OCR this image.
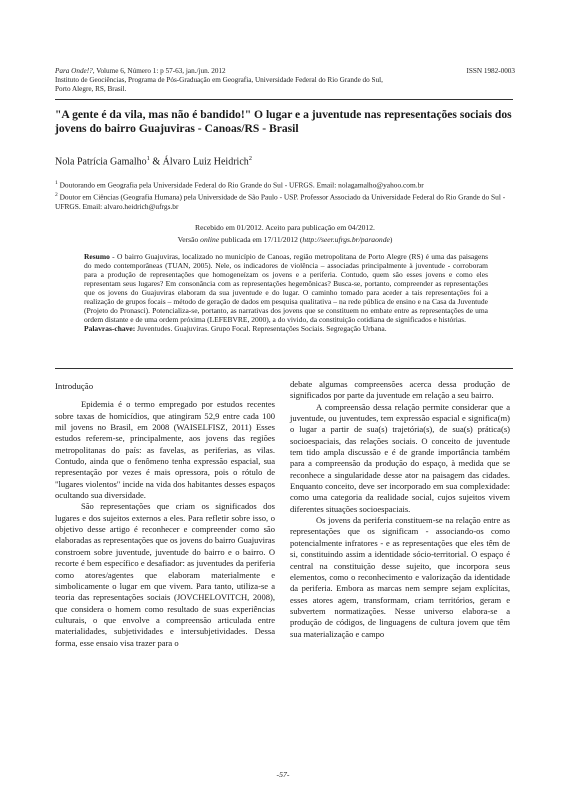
Para Onde!?, Volume 6, Número 1: p 57-63, jan./jun. 2012	ISSN 1982-0003
Instituto de Geociências, Programa de Pós-Graduação em Geografia, Universidade Federal do Rio Grande do Sul,
Porto Alegre, RS, Brasil.
"A gente é da vila, mas não é bandido!" O lugar e a juventude nas representações sociais dos jovens do bairro Guajuviras - Canoas/RS - Brasil
Nola Patrícia Gamalho$^1$ & Álvaro Luiz Heidrich$^2$

$^1$ Doutorando em Geografia pela Universidade Federal do Rio Grande do Sul - UFRGS. Email: nolagamalho@yahoo.com.br

$^2$ Doutor em Ciências (Geografia Humana) pela Universidade de São Paulo - USP. Professor Associado da Universidade Federal do Rio Grande do Sul - UFRGS. Email: alvaro.heidrich@ufrgs.br

Recebido em 01/2012. Aceito para publicação em 04/2012.
Versão online publicada em 17/11/2012 (http://seer.ufrgs.br/paraonde)

Resumo - O bairro Guajuviras, localizado no município de Canoas, região metropolitana de Porto Alegre (RS) é uma das paisagens do medo contemporâneas (TUAN, 2005). Nele, os indicadores de violência – associadas principalmente à juventude - corroboram para a produção de representações que homogeneízam os jovens e a periferia. Contudo, quem são esses jovens e como eles representam seus lugares? Em consonância com as representações hegemônicas? Busca-se, portanto, compreender as representações que os jovens do Guajuviras elaboram da sua juventude e do lugar. O caminho tomado para aceder a tais representações foi a realização de grupos focais – método de geração de dados em pesquisa qualitativa – na rede pública de ensino e na Casa da Juventude (Projeto do Pronasci). Potencializa-se, portanto, as narrativas dos jovens que se constituem no embate entre as representações de uma ordem distante e de uma ordem próxima (LEFEBVRE, 2000), a do vivido, da constituição cotidiana de significados e histórias.

Palavras-chave: Juventudes. Guajuviras. Grupo Focal. Representações Sociais. Segregação Urbana.

Introdução

Epidemia é o termo empregado por estudos recentes sobre taxas de homicídios, que atingiram 52,9 entre cada 100 mil jovens no Brasil, em 2008 (WAISELFISZ, 2011) Esses estudos referem-se, principalmente, aos jovens das regiões metropolitanas do país: as favelas, as periferias, as vilas. Contudo, ainda que o fenômeno tenha expressão espacial, sua representação por vezes é mais opressora, pois o rótulo de "lugares violentos" incide na vida dos habitantes desses espaços ocultando sua diversidade.

São representações que criam os significados dos lugares e dos sujeitos externos a eles. Para refletir sobre isso, o objetivo desse artigo é reconhecer e compreender como são elaboradas as representações que os jovens do bairro Guajuviras constroem sobre juventude, juventude do bairro e o bairro. O recorte é bem específico e desafiador: as juventudes da periferia como atores/agentes que elaboram materialmente e simbolicamente o lugar em que vivem. Para tanto, utiliza-se a teoria das representações sociais (JOVCHELOVITCH, 2008), que considera o homem como resultado de suas experiências culturais, o que envolve a compreensão articulada entre materialidades, subjetividades e intersubjetividades. Dessa forma, esse ensaio visa trazer para o

debate algumas compreensões acerca dessa produção de significados por parte da juventude em relação a seu bairro.

A compreensão dessa relação permite considerar que a juventude, ou juventudes, tem expressão espacial e significa(m) o lugar a partir de sua(s) trajetória(s), de sua(s) prática(s) socioespaciais, das relações sociais. O conceito de juventude tem tido ampla discussão e é de grande importância também para a compreensão da produção do espaço, à medida que se reconhece a singularidade desse ator na paisagem das cidades. Enquanto conceito, deve ser incorporado em sua complexidade: como uma categoria da realidade social, cujos sujeitos vivem diferentes situações socioespaciais.

Os jovens da periferia constituem-se na relação entre as representações que os significam - associando-os como potencialmente infratores - e as representações que eles têm de si, constituindo assim a identidade sócio-territorial. O espaço é central na constituição desse sujeito, que incorpora seus elementos, como o reconhecimento e valorização da identidade da periferia. Embora as marcas nem sempre sejam explícitas, esses atores agem, transformam, criam territórios, geram e subvertem normatizações. Nesse universo elabora-se a produção de códigos, de linguagens de cultura jovem que têm sua materialização e campo

-57-
